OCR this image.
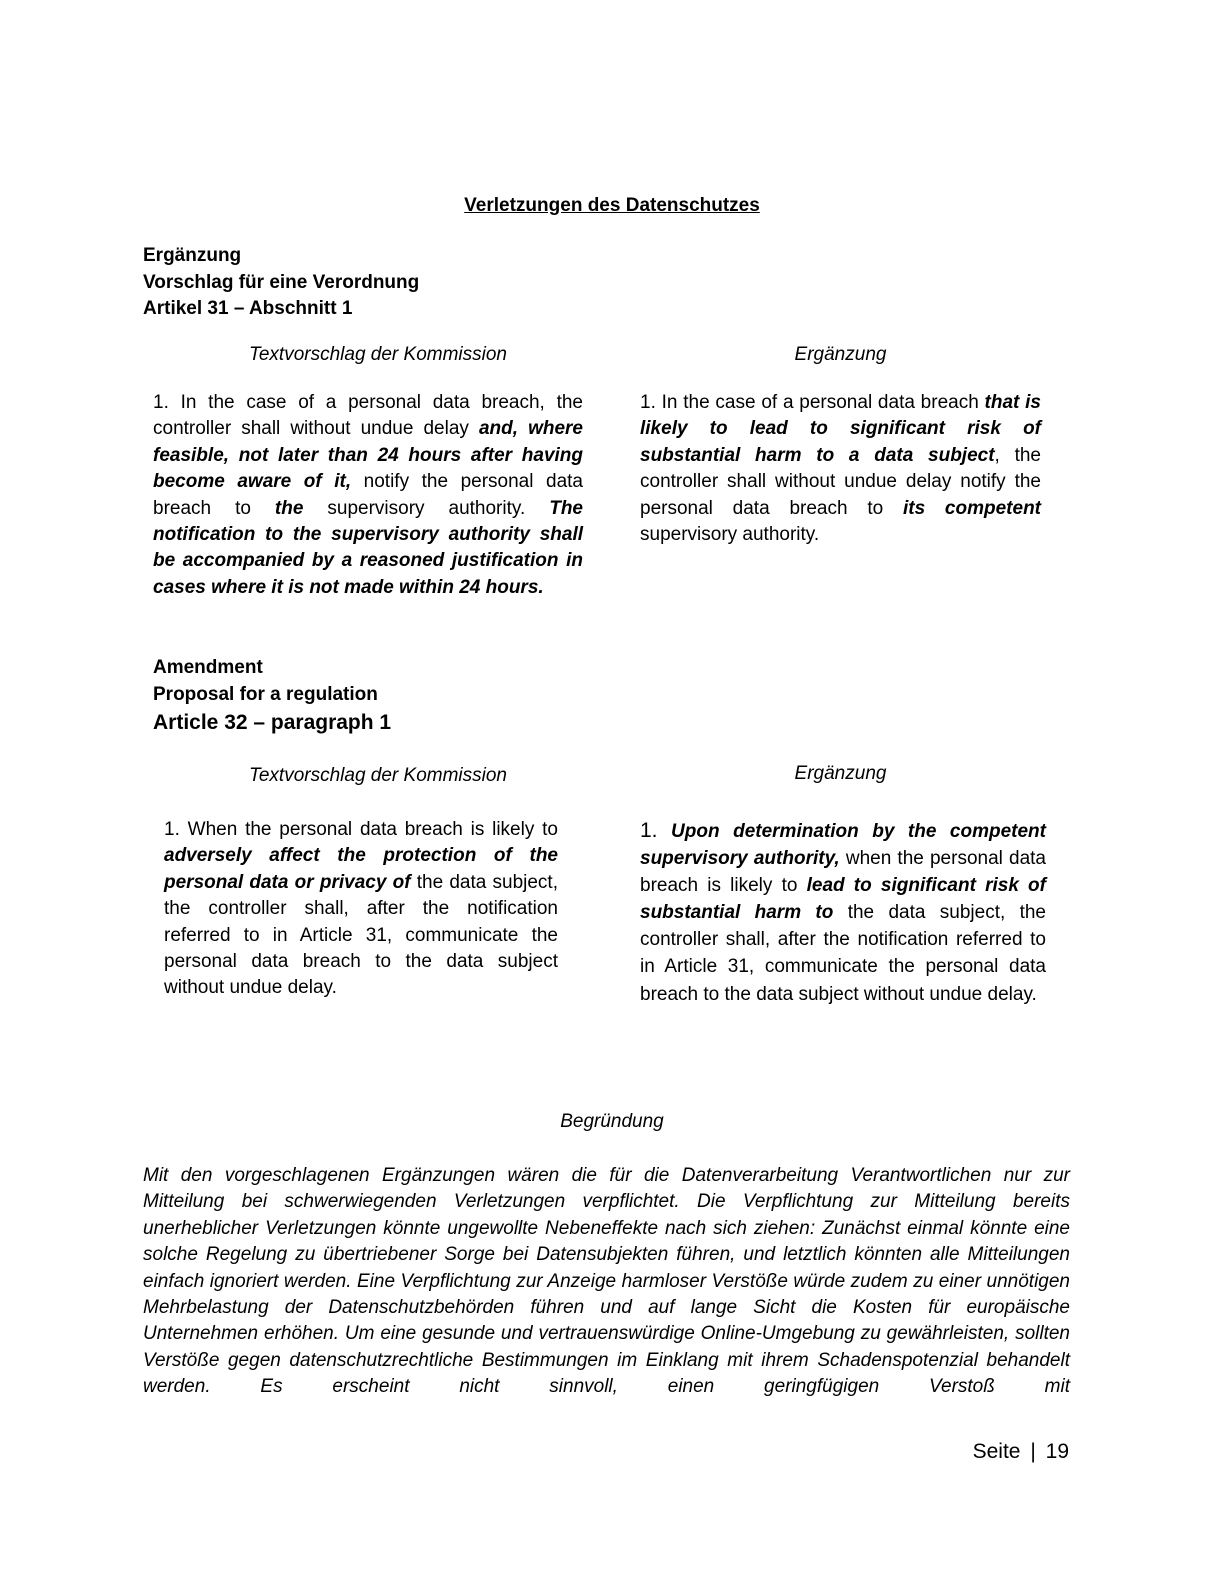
Verletzungen des Datenschutzes
Ergänzung
Vorschlag für eine Verordnung
Artikel 31 – Abschnitt 1
Textvorschlag der Kommission	Ergänzung
1. In the case of a personal data breach, the controller shall without undue delay and, where feasible, not later than 24 hours after having become aware of it, notify the personal data breach to the supervisory authority. The notification to the supervisory authority shall be accompanied by a reasoned justification in cases where it is not made within 24 hours.
1. In the case of a personal data breach that is likely to lead to significant risk of substantial harm to a data subject, the controller shall without undue delay notify the personal data breach to its competent supervisory authority.
Amendment
Proposal for a regulation
Article 32 – paragraph 1
Textvorschlag der Kommission	Ergänzung
1. When the personal data breach is likely to adversely affect the protection of the personal data or privacy of the data subject, the controller shall, after the notification referred to in Article 31, communicate the personal data breach to the data subject without undue delay.
1. Upon determination by the competent supervisory authority, when the personal data breach is likely to lead to significant risk of substantial harm to the data subject, the controller shall, after the notification referred to in Article 31, communicate the personal data breach to the data subject without undue delay.
Begründung
Mit den vorgeschlagenen Ergänzungen wären die für die Datenverarbeitung Verantwortlichen nur zur Mitteilung bei schwerwiegenden Verletzungen verpflichtet. Die Verpflichtung zur Mitteilung bereits unerheblicher Verletzungen könnte ungewollte Nebeneffekte nach sich ziehen: Zunächst einmal könnte eine solche Regelung zu übertriebener Sorge bei Datensubjekten führen, und letztlich könnten alle Mitteilungen einfach ignoriert werden. Eine Verpflichtung zur Anzeige harmloser Verstöße würde zudem zu einer unnötigen Mehrbelastung der Datenschutzbehörden führen und auf lange Sicht die Kosten für europäische Unternehmen erhöhen. Um eine gesunde und vertrauenswürdige Online-Umgebung zu gewährleisten, sollten Verstöße gegen datenschutzrechtliche Bestimmungen im Einklang mit ihrem Schadenspotenzial behandelt werden. Es erscheint nicht sinnvoll, einen geringfügigen Verstoß mit
Seite | 19
